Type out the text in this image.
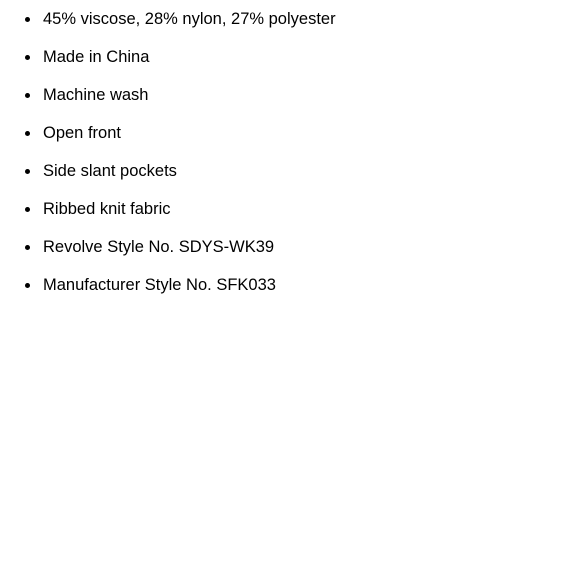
45% viscose, 28% nylon, 27% polyester
Made in China
Machine wash
Open front
Side slant pockets
Ribbed knit fabric
Revolve Style No. SDYS-WK39
Manufacturer Style No. SFK033
